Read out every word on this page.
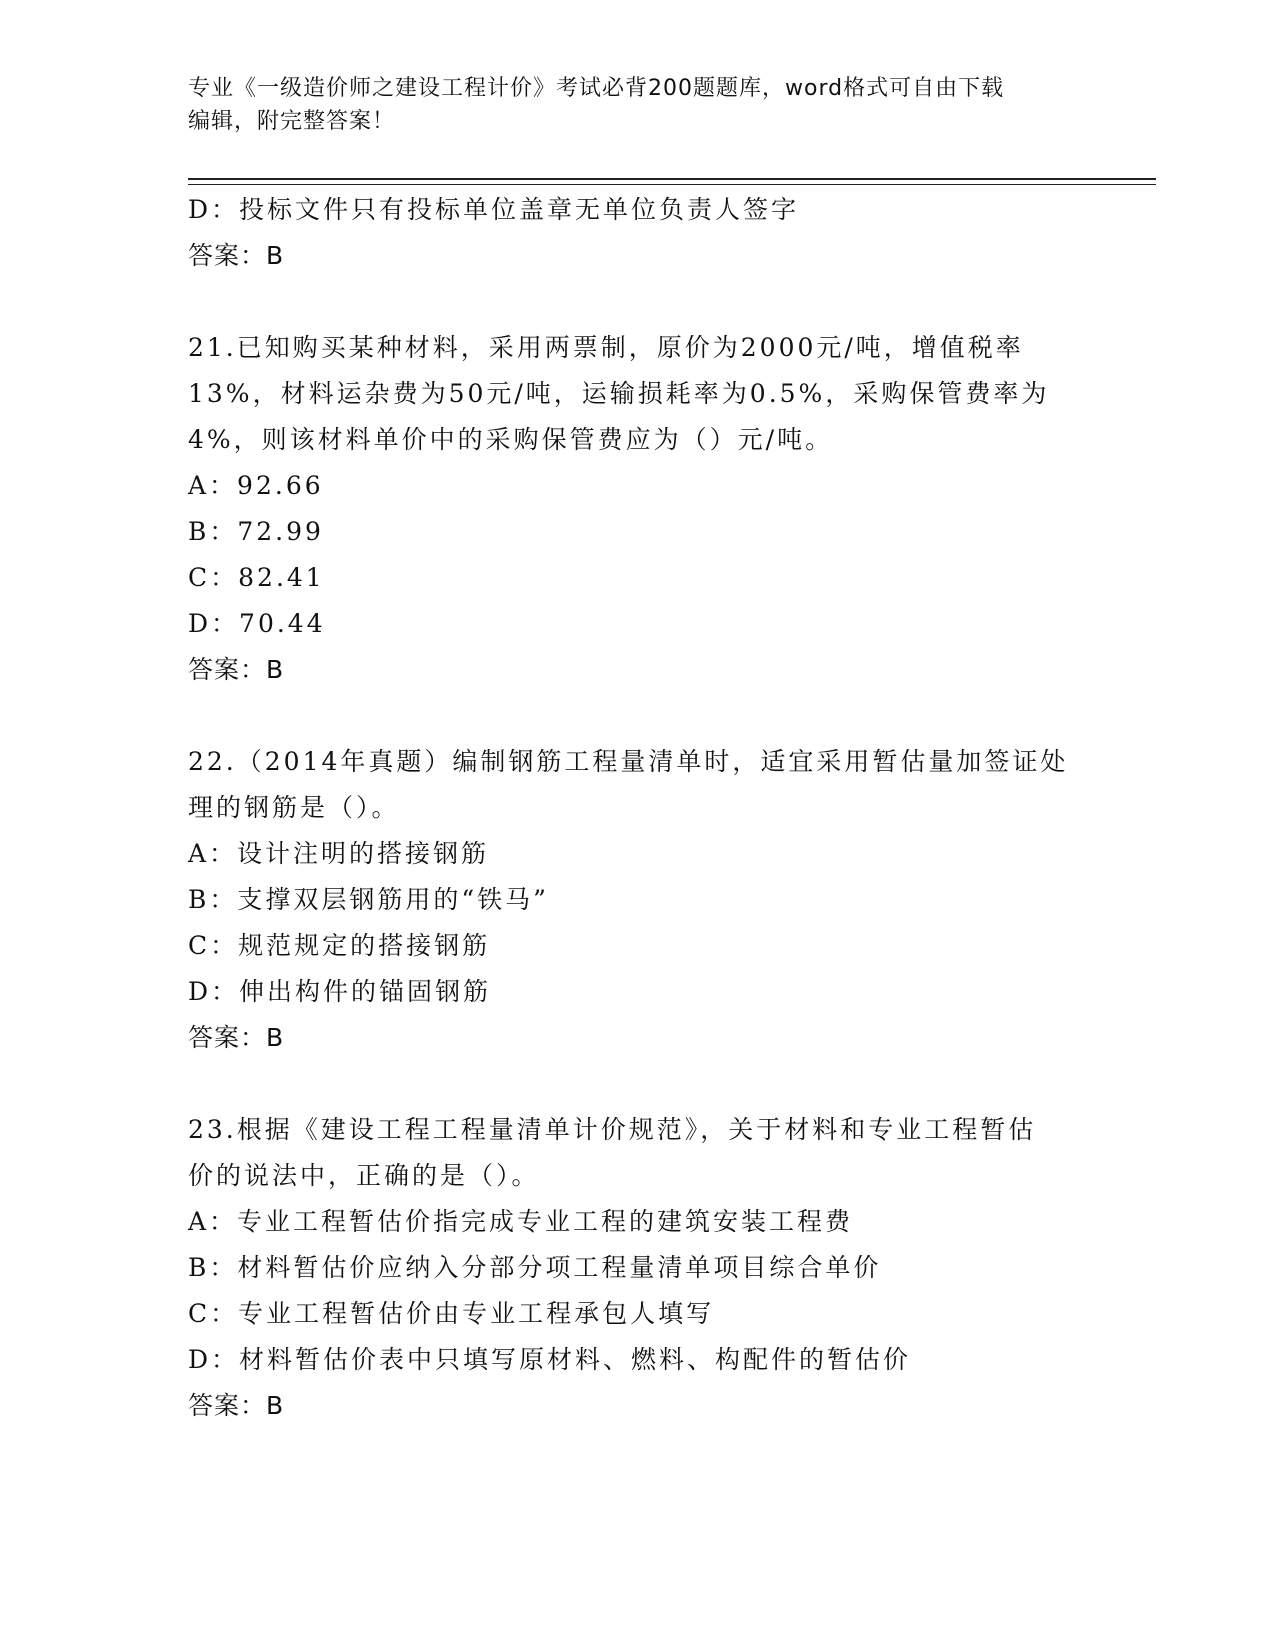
专业《一级造价师之建设工程计价》考试必背200题题库，word格式可自由下载
编辑，附完整答案！
D：投标文件只有投标单位盖章无单位负责人签字
答案：B
21.已知购买某种材料，采用两票制，原价为2000元/吨，增值税率
13%，材料运杂费为50元/吨，运输损耗率为0.5%，采购保管费率为
4%，则该材料单价中的采购保管费应为（）元/吨。
A：92.66
B：72.99
C：82.41
D：70.44
答案：B
22.（2014年真题）编制钢筋工程量清单时，适宜采用暂估量加签证处
理的钢筋是（）。
A：设计注明的搭接钢筋
B：支撑双层钢筋用的“铁马”
C：规范规定的搭接钢筋
D：伸出构件的锚固钢筋
答案：B
23.根据《建设工程工程量清单计价规范》，关于材料和专业工程暂估
价的说法中，正确的是（）。
A：专业工程暂估价指完成专业工程的建筑安装工程费
B：材料暂估价应纳入分部分项工程量清单项目综合单价
C：专业工程暂估价由专业工程承包人填写
D：材料暂估价表中只填写原材料、燃料、构配件的暂估价
答案：B
